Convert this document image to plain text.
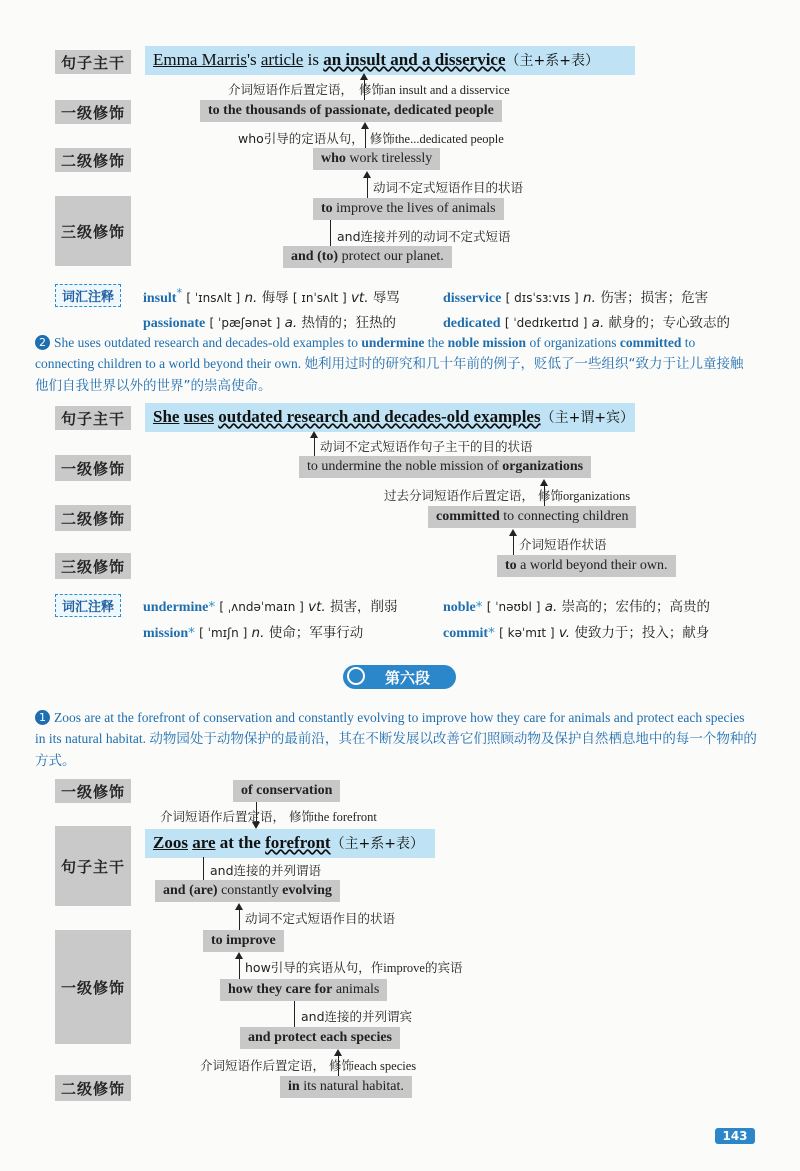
句子主干	Emma Marris's article is an insult and a disservice（主+系+表）
介词短语作后置定语， 修饰an insult and a disservice
一级修饰	to the thousands of passionate, dedicated people
who引导的定语从句， 修饰the...dedicated people
二级修饰	who work tirelessly
动词不定式短语作目的状语
三级修饰
to improve the lives of animals
and连接并列的动词不定式短语
and (to) protect our planet.
词汇注释	insult* [ ˈɪnsʌlt ] n. 侮辱 [ ɪnˈsʌlt ] vt. 辱骂	disservice [ dɪsˈsɜːvɪs ] n. 伤害；损害；危害
passionate [ ˈpæʃənət ] a. 热情的；狂热的	dedicated [ ˈdedɪkeɪtɪd ] a. 献身的；专心致志的
2 She uses outdated research and decades-old examples to undermine the noble mission of organizations committed to connecting children to a world beyond their own. 她利用过时的研究和几十年前的例子，贬低了一些组织“致力于让儿童接触他们自我世界以外的世界”的崇高使命。
句子主干	She uses outdated research and decades-old examples（主+谓+宾）
动词不定式短语作句子主干的目的状语
一级修饰	to undermine the noble mission of organizations
过去分词短语作后置定语， 修饰organizations
二级修饰	committed to connecting children
介词短语作状语
三级修饰	to a world beyond their own.
词汇注释	undermine* [ ˌʌndəˈmaɪn ] vt. 损害，削弱	noble* [ ˈnəʊbl ] a. 崇高的；宏伟的；高贵的
mission* [ ˈmɪʃn ] n. 使命；军事行动	commit* [ kəˈmɪt ] v. 使致力于；投入；献身
第六段
1 Zoos are at the forefront of conservation and constantly evolving to improve how they care for animals and protect each species in its natural habitat. 动物园处于动物保护的最前沿，其在不断发展以改善它们照顾动物及保护自然栖息地中的每一个物种的方式。
一级修饰	of conservation
介词短语作后置定语， 修饰the forefront
句子主干
Zoos are at the forefront（主+系+表）
and连接的并列谓语
and (are) constantly evolving
动词不定式短语作目的状语
一级修饰
to improve
how引导的宾语从句，作improve的宾语
how they care for animals
and连接的并列谓宾
and protect each species
介词短语作后置定语， 修饰each species
二级修饰	in its natural habitat.
143
